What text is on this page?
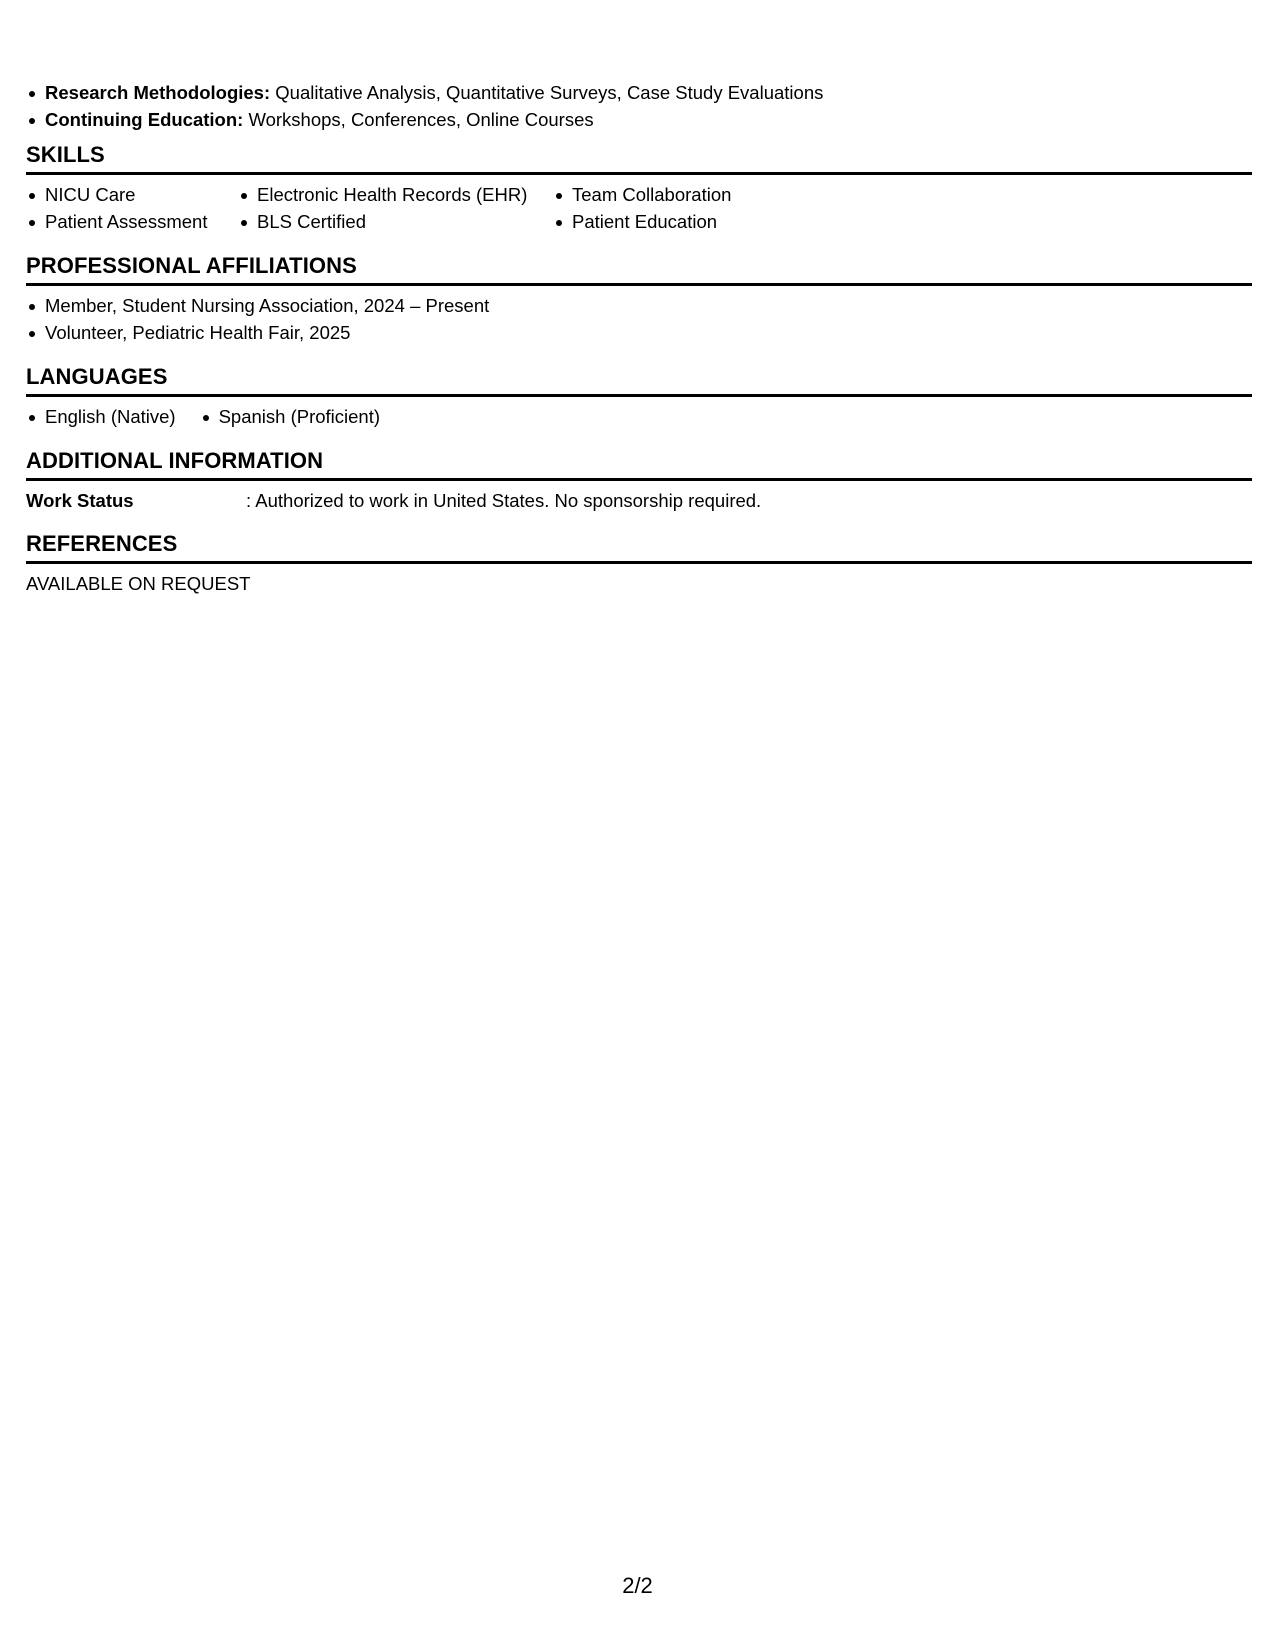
Research Methodologies: Qualitative Analysis, Quantitative Surveys, Case Study Evaluations
Continuing Education: Workshops, Conferences, Online Courses
SKILLS
NICU Care
Patient Assessment
Electronic Health Records (EHR)
BLS Certified
Team Collaboration
Patient Education
PROFESSIONAL AFFILIATIONS
Member, Student Nursing Association, 2024 – Present
Volunteer, Pediatric Health Fair, 2025
LANGUAGES
English (Native)	Spanish (Proficient)
ADDITIONAL INFORMATION
Work Status	: Authorized to work in United States. No sponsorship required.
REFERENCES
AVAILABLE ON REQUEST
2/2
